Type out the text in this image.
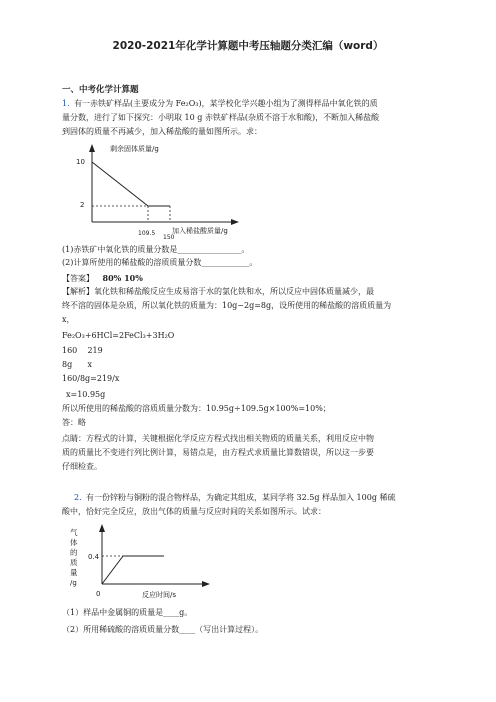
2020-2021年化学计算题中考压轴题分类汇编（word）
一、中考化学计算题
1. 有一赤铁矿样品(主要成分为 Fe₂O₃)，某学校化学兴趣小组为了测得样品中氧化铁的质
量分数，进行了如下探究：小明取 10 g 赤铁矿样品(杂质不溶于水和酸)，不断加入稀盐酸
到固体的质量不再减少，加入稀盐酸的量如图所示。求：
剩余固体质量/g
加入稀盐酸质量/g
10
2
109.5
150
(1)赤铁矿中氧化铁的质量分数是________________。
(2)计算所使用的稀盐酸的溶质质量分数____________。
【答案】 80% 10%
【解析】氧化铁和稀盐酸反应生成易溶于水的氯化铁和水，所以反应中固体质量减少，最
终不溶的固体是杂质，所以氧化铁的质量为：10g−2g=8g，设所使用的稀盐酸的溶质质量为
x，
Fe₂O₃+6HCl=2FeCl₃+3H₂O
160    219
8g      x
160/8g=219/x
x=10.95g
所以所使用的稀盐酸的溶质质量分数为：10.95g÷109.5g×100%=10%；
答：略
点睛：方程式的计算，关键根据化学反应方程式找出相关物质的质量关系，利用反应中物
质的质量比不变进行列比例计算，易错点是，由方程式求质量比算数错误，所以这一步要
仔细检查。
2. 有一份锌粉与铜粉的混合物样品，为确定其组成，某同学将 32.5g 样品加入 100g 稀硫
酸中，恰好完全反应，放出气体的质量与反应时间的关系如图所示。试求：
气
体
的
质
量
/g
0.4
0	反应时间/s
（1）样品中金属铜的质量是____g。
（2）所用稀硫酸的溶质质量分数____（写出计算过程）。
